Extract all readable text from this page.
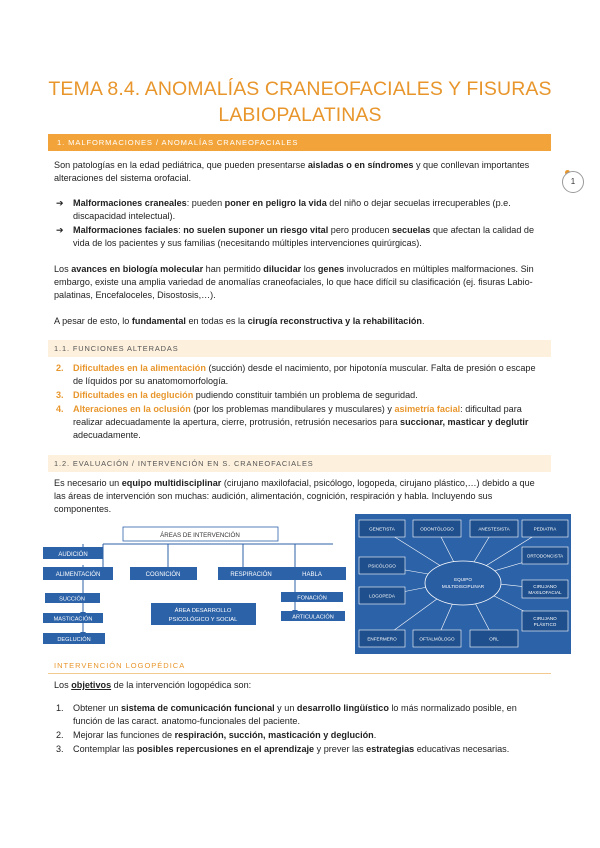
TEMA 8.4. ANOMALÍAS CRANEOFACIALES Y FISURAS
LABIOPALATINAS
1. MALFORMACIONES / ANOMALÍAS CRANEOFACIALES
1
Son patologías en la edad pediátrica, que pueden presentarse aisladas o en síndromes y que conllevan importantes alteraciones del sistema orofacial.
➔ Malformaciones craneales: pueden poner en peligro la vida del niño o dejar secuelas irrecuperables (p.e. discapacidad intelectual).
➔ Malformaciones faciales: no suelen suponer un riesgo vital pero producen secuelas que afectan la calidad de vida de los pacientes y sus familias (necesitando múltiples intervenciones quirúrgicas).
Los avances en biología molecular han permitido dilucidar los genes involucrados en múltiples malformaciones. Sin embargo, existe una amplia variedad de anomalías craneofaciales, lo que hace difícil su clasificación (ej. fisuras Labio-palatinas, Encefaloceles, Disostosis,…).
A pesar de esto, lo fundamental en todas es la cirugía reconstructiva y la rehabilitación.
1.1. FUNCIONES ALTERADAS
2. Dificultades en la alimentación (succión) desde el nacimiento, por hipotonía muscular. Falta de presión o escape de líquidos por su anatomomorfología.
3. Dificultades en la deglución pudiendo constituir también un problema de seguridad.
4. Alteraciones en la oclusión (por los problemas mandibulares y musculares) y asimetría facial: dificultad para realizar adecuadamente la apertura, cierre, protrusión, retrusión necesarios para succionar, masticar y deglutir adecuadamente.
1.2. EVALUACIÓN / INTERVENCIÓN EN S. CRANEOFACIALES
Es necesario un equipo multidisciplinar (cirujano maxilofacial, psicólogo, logopeda, cirujano plástico,…) debido a que las áreas de intervención son muchas: audición, alimentación, cognición, respiración y habla. Incluyendo sus componentes.
ÁREAS DE INTERVENCIÓN
AUDICIÓN
ALIMENTACIÓN	COGNICIÓN	RESPIRACIÓN	HABLA
SUCCIÓN
MASTICACIÓN
DEGLUCIÓN
ÁREA DESARROLLO
PSICOLÓGICO Y SOCIAL
FONACIÓN
ARTICULACIÓN
EQUIPO
MULTIDISCIPLINAR
GENETISTA	ODONTÓLOGO	ANESTESISTA	PEDIATRA
PSICÓLOGO
ORTODONCISTA
LOGOPEDA
CIRUJANO
MAXILOFACIAL
ENFERMERO	OFTALMÓLOGO	ORL
CIRUJANO
PLÁSTICO
INTERVENCIÓN LOGOPÉDICA
Los objetivos de la intervención logopédica son:
1. Obtener un sistema de comunicación funcional y un desarrollo lingüístico lo más normalizado posible, en función de las caract. anatomo-funcionales del paciente.
2. Mejorar las funciones de respiración, succión, masticación y deglución.
3. Contemplar las posibles repercusiones en el aprendizaje y prever las estrategias educativas necesarias.
